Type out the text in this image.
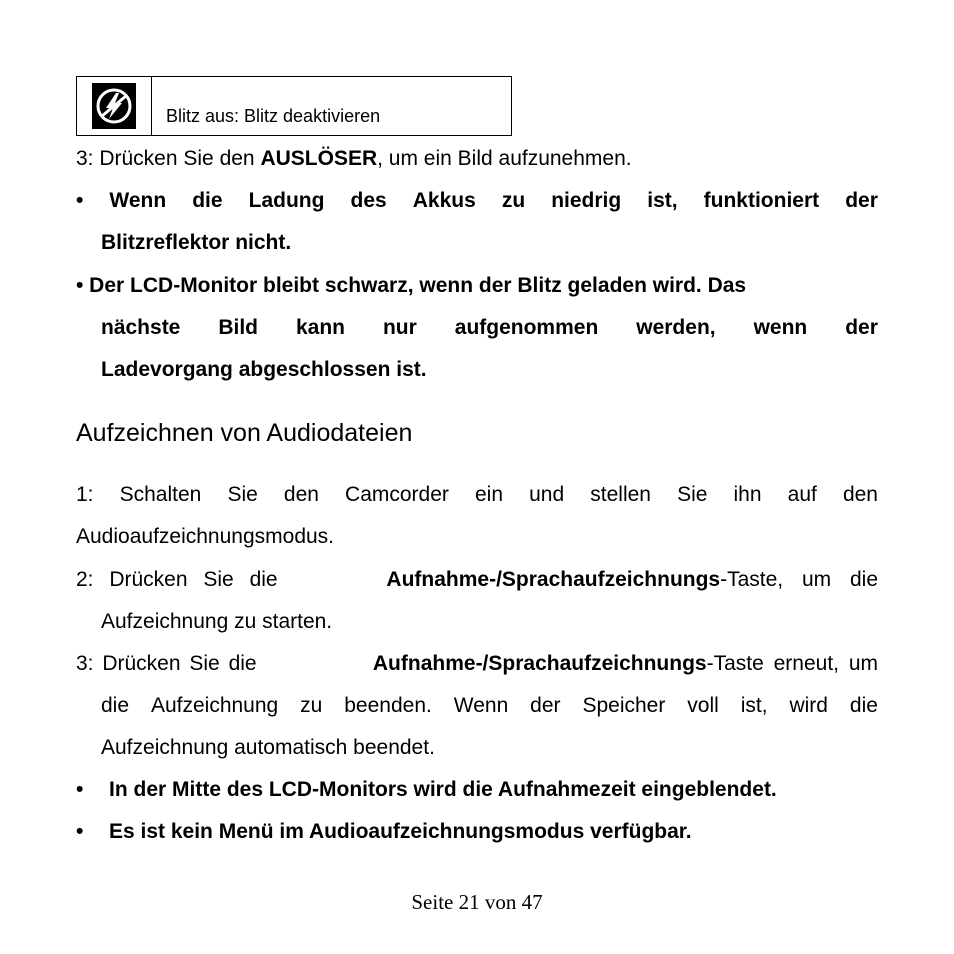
Blitz aus: Blitz deaktivieren
3: Drücken Sie den AUSLÖSER, um ein Bild aufzunehmen.
• Wenn die Ladung des Akkus zu niedrig ist, funktioniert der
Blitzreflektor nicht.
• Der LCD-Monitor bleibt schwarz, wenn der Blitz geladen wird. Das
nächste Bild kann nur aufgenommen werden, wenn der
Ladevorgang abgeschlossen ist.
Aufzeichnen von Audiodateien
1: Schalten Sie den Camcorder ein und stellen Sie ihn auf den
Audioaufzeichnungsmodus.
2: Drücken Sie die	Aufnahme-/Sprachaufzeichnungs-Taste, um die
Aufzeichnung zu starten.
3: Drücken Sie die	Aufnahme-/Sprachaufzeichnungs-Taste erneut, um
die Aufzeichnung zu beenden. Wenn der Speicher voll ist, wird die
Aufzeichnung automatisch beendet.
• In der Mitte des LCD-Monitors wird die Aufnahmezeit eingeblendet.
• Es ist kein Menü im Audioaufzeichnungsmodus verfügbar.
Seite 21 von 47
